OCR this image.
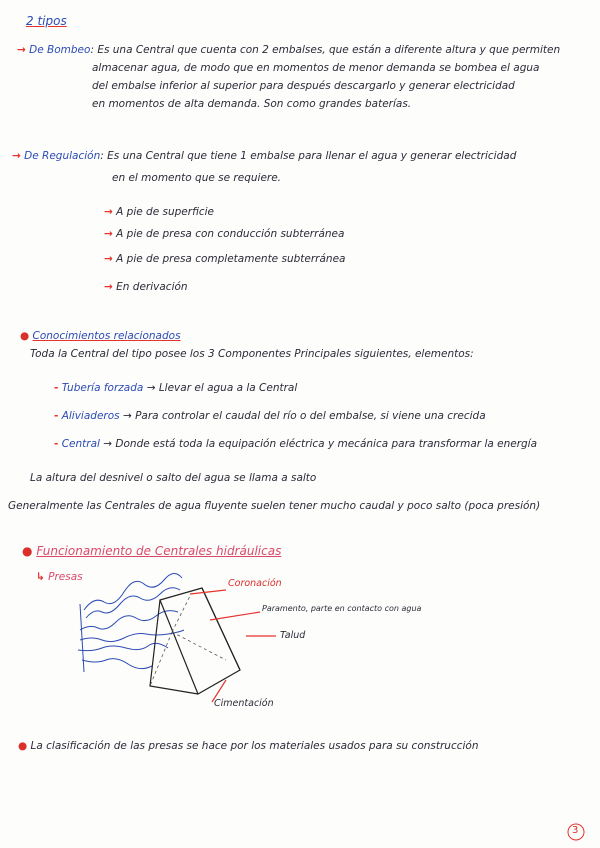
2 tipos
→ De Bombeo: Es una Central que cuenta con 2 embalses, que están a diferente altura y que permiten
almacenar agua, de modo que en momentos de menor demanda se bombea el agua
del embalse inferior al superior para después descargarlo y generar electricidad
en momentos de alta demanda. Son como grandes baterías.
→ De Regulación: Es una Central que tiene 1 embalse para llenar el agua y generar electricidad
en el momento que se requiere.
→ A pie de superficie
→ A pie de presa con conducción subterránea
→ A pie de presa completamente subterránea
→ En derivación
● Conocimientos relacionados
Toda la Central del tipo posee los 3 Componentes Principales siguientes, elementos:
- Tubería forzada → Llevar el agua a la Central
- Aliviaderos → Para controlar el caudal del río o del embalse, si viene una crecida
- Central → Donde está toda la equipación eléctrica y mecánica para transformar la energía
La altura del desnivel o salto del agua se llama a salto
Generalmente las Centrales de agua fluyente suelen tener mucho caudal y poco salto (poca presión)
● Funcionamiento de Centrales hidráulicas
↳ Presas
Coronación
Paramento, parte en contacto con agua
Talud
Cimentación
● La clasificación de las presas se hace por los materiales usados para su construcción
3
